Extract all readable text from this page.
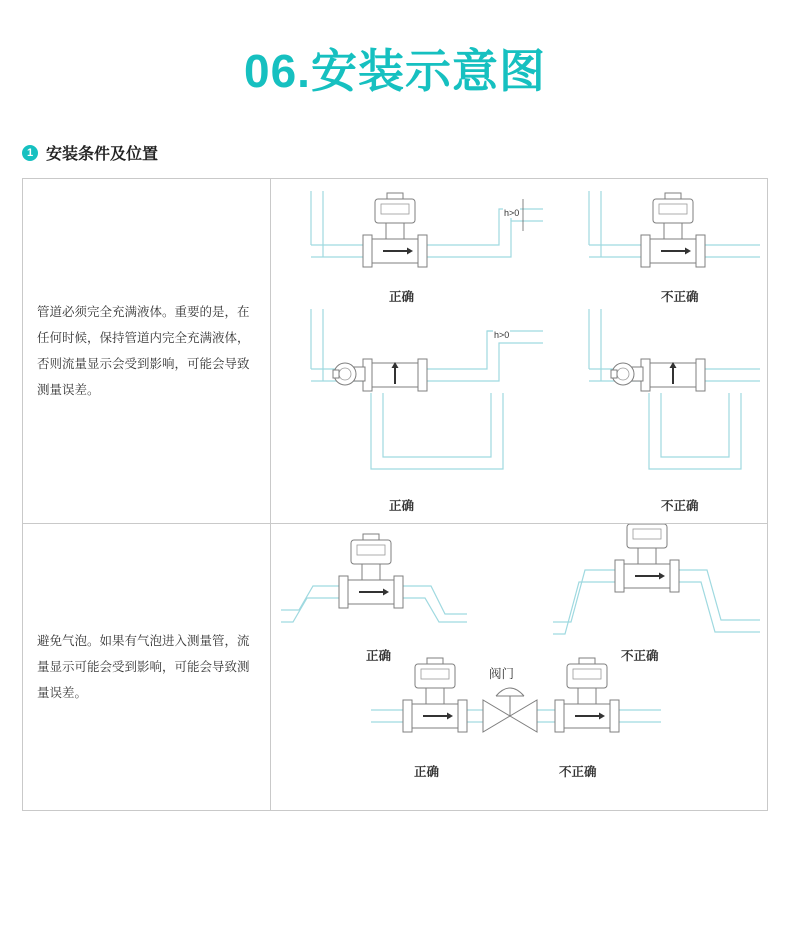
06.安装示意图
1 安装条件及位置
管道必须完全充满液体。重要的是，在任何时候，保持管道内完全充满液体，否则流量显示会受到影响，可能会导致测量误差。
h>0
h>0
正确	不正确
正确	不正确
避免气泡。如果有气泡进入测量管，流量显示可能会受到影响，可能会导致测量误差。
阀门
正确	不正确
正确	不正确
